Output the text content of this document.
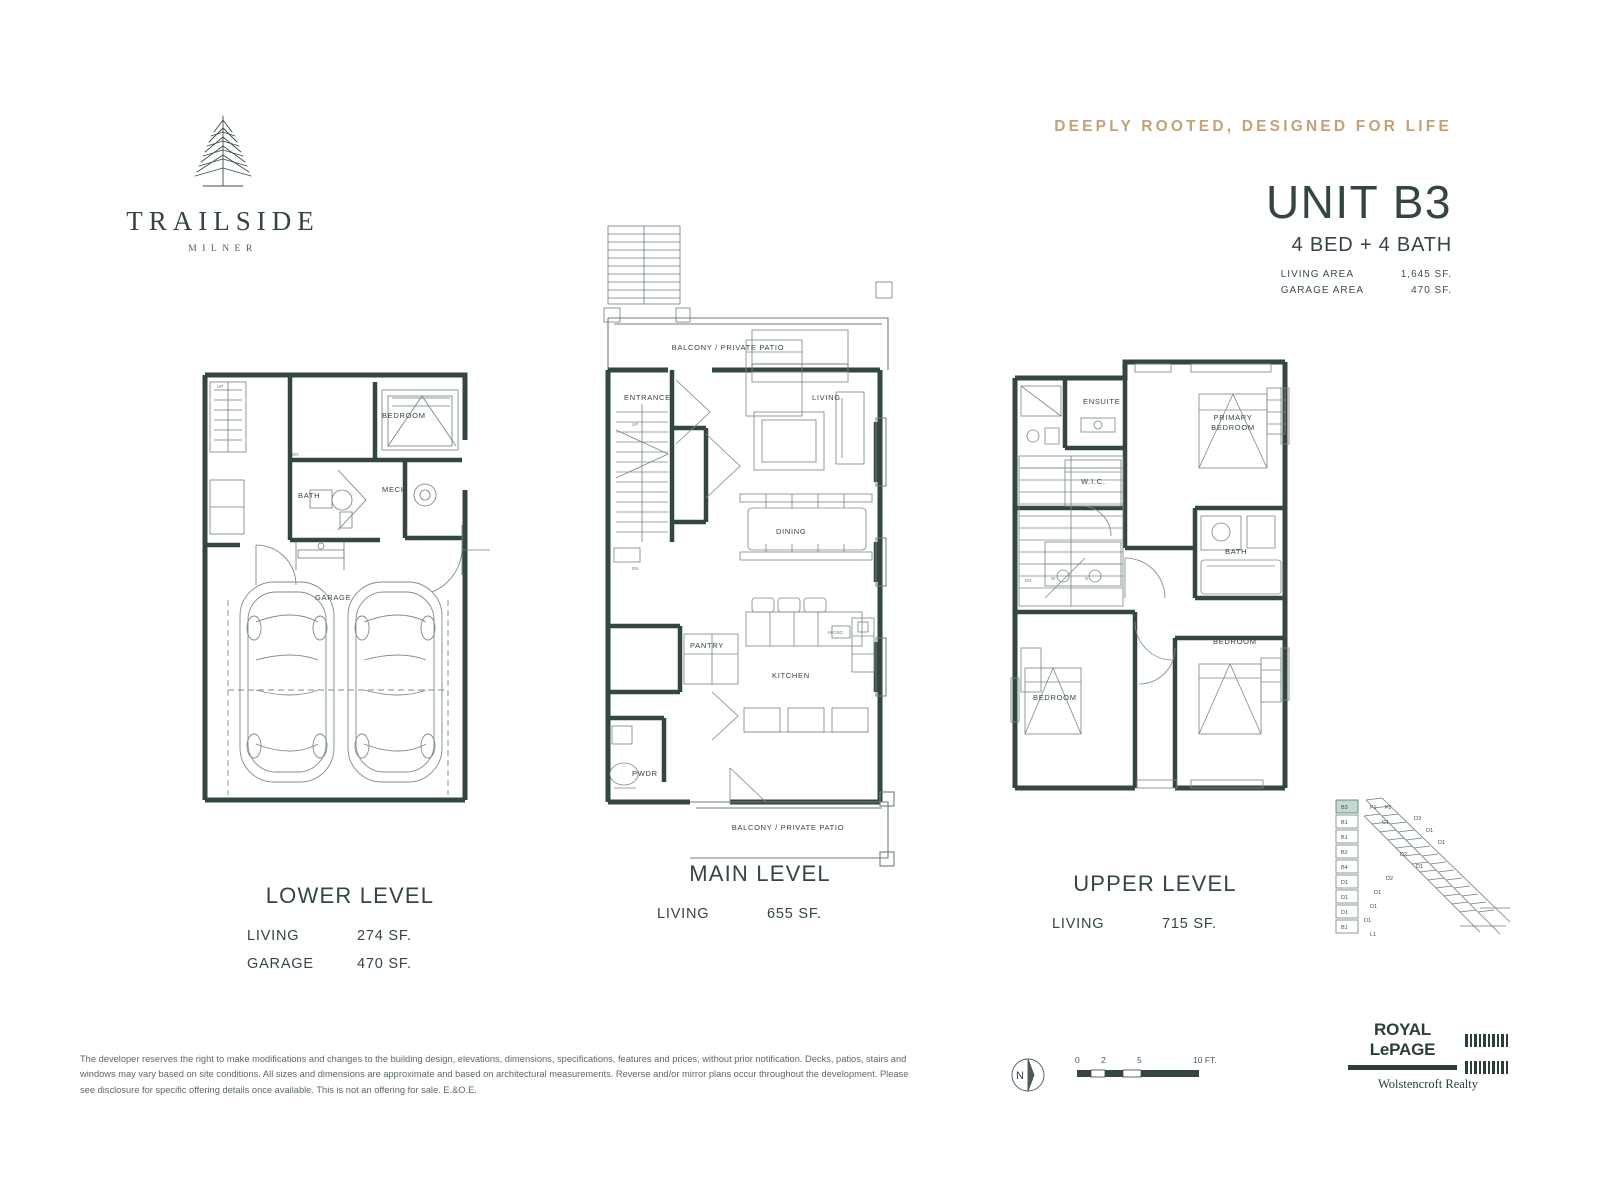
TRAILSIDE
MILNER
DEEPLY ROOTED, DESIGNED FOR LIFE
UNIT B3
4 BED + 4 BATH
LIVING AREA	1,645 SF.
GARAGE AREA	470 SF.
BEDROOM
BATH
MECH
GARAGE
UP
DN
LOWER LEVEL
LIVING	274 SF.
GARAGE	470 SF.
BALCONY / PRIVATE PATIO
ENTRANCE	LIVING
DINING
PANTRY
KITCHEN
PWDR
BALCONY / PRIVATE PATIO
UP
DN
MICRO
MAIN LEVEL
LIVING	655 SF.
ENSUITE
PRIMARY
BEDROOM
W.I.C.
BATH
BEDROOM
BEDROOM
DN	W	D
UPPER LEVEL
LIVING	715 SF.
B3
B1
B1
B2
B4
D1
D1
D1
B1
F1 F2
C1
D3
D1
D1
D2
D1
D2
D1
D1
D1
L1
The developer reserves the right to make modifications and changes to the building design, elevations, dimensions, specifications, features and prices, without prior notification. Decks, patios, stairs and windows may vary based on site conditions. All sizes and dimensions are approximate and based on architectural measurements. Reverse and/or mirror plans occur throughout the development. Please see disclosure for specific offering details once available. This is not an offering for sale. E.&O.E.
N
0	2	5	10 FT.
ROYAL LePAGE
Wolstencroft Realty
